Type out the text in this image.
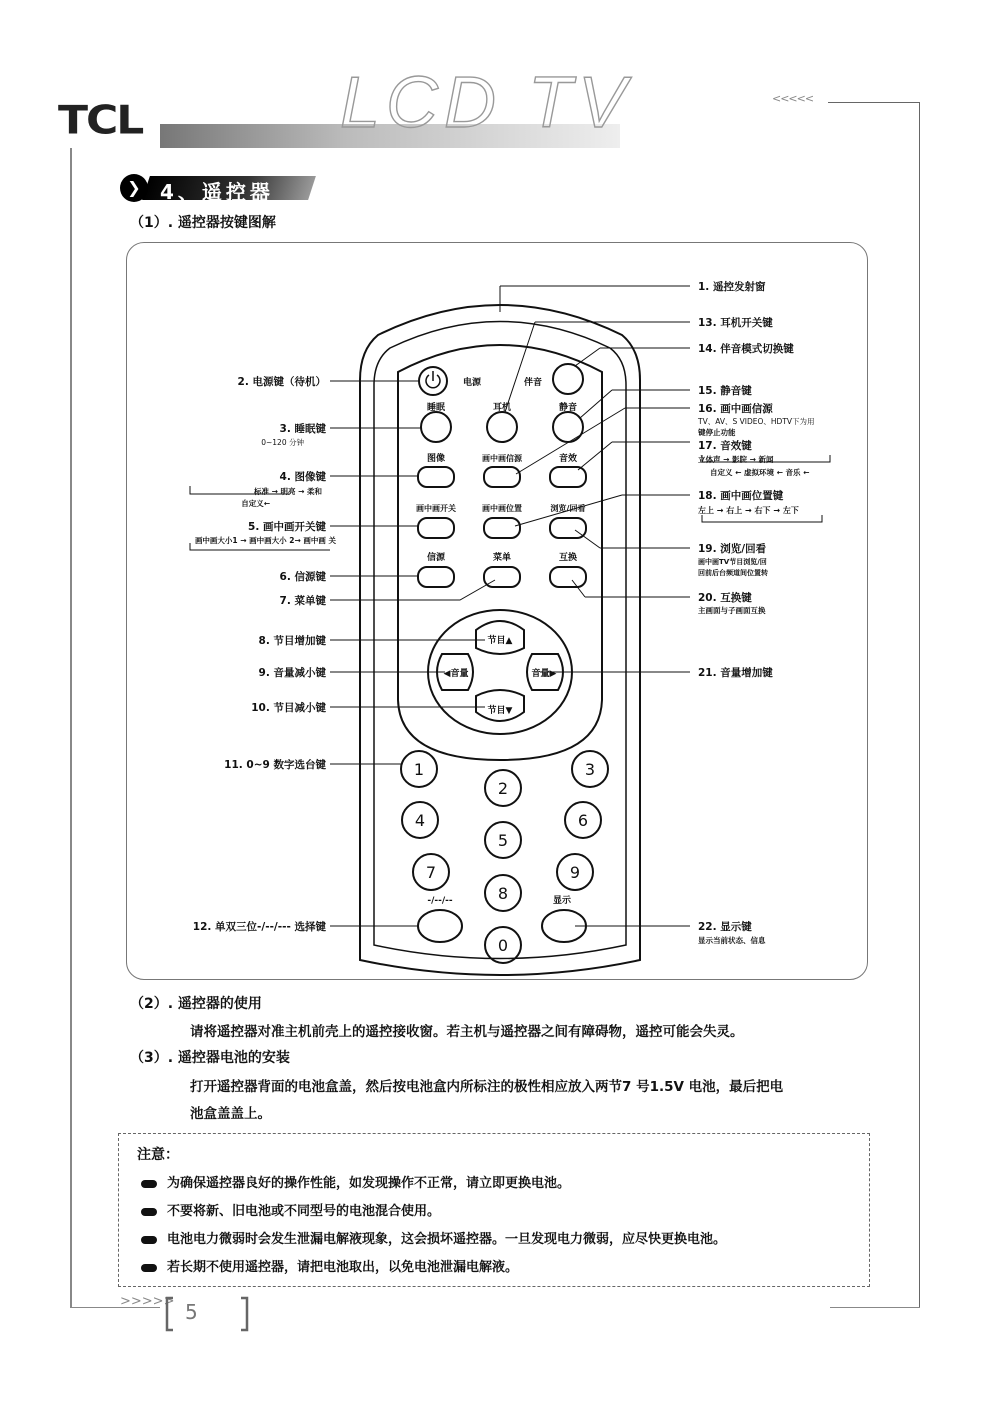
TCL	LCD TV	<<<<<
❯ 4、遥控器
（1）. 遥控器按键图解
电源	伴音
睡眠	耳机	静音
图像	画中画信源	音效
画中画开关	画中画位置	浏览/回看
信源	菜单	互换
节目▲
节目▼
◀音量	音量▶
-/--/--	显示
1
2
3
4
5
6
7
8
9
0
2. 电源键（待机）
3. 睡眠键
0~120 分钟
4. 图像键
标准 → 明亮 → 柔和
自定义←
5. 画中画开关键
画中画大小1 → 画中画大小 2→ 画中画 关
6. 信源键
7. 菜单键
8. 节目增加键
9. 音量减小键
10. 节目减小键
11. 0~9 数字选台键
12. 单双三位-/--/--- 选择键
1. 遥控发射窗
13. 耳机开关键
14. 伴音模式切换键
15. 静音键
16. 画中画信源
TV、AV、S VIDEO、HDTV下为用
键停止功能
17. 音效键
立体声 → 影院 → 新闻
自定义 ← 虚拟环境 ← 音乐 ←
18. 画中画位置键
左上 → 右上 → 右下 → 左下
19. 浏览/回看
画中画TV节目浏览/回
回前后台频道间位置转
20. 互换键
主画面与子画面互换
21. 音量增加键
22. 显示键
显示当前状态、信息
（2）. 遥控器的使用
请将遥控器对准主机前壳上的遥控接收窗。若主机与遥控器之间有障碍物，遥控可能会失灵。
（3）. 遥控器电池的安装
打开遥控器背面的电池盒盖，然后按电池盒内所标注的极性相应放入两节7 号1.5V 电池，最后把电
池盒盖盖上。
注意：
为确保遥控器良好的操作性能，如发现操作不正常，请立即更换电池。
不要将新、旧电池或不同型号的电池混合使用。
电池电力微弱时会发生泄漏电解液现象，这会损坏遥控器。一旦发现电力微弱，应尽快更换电池。
若长期不使用遥控器，请把电池取出，以免电池泄漏电解液。
>>>>> 5
